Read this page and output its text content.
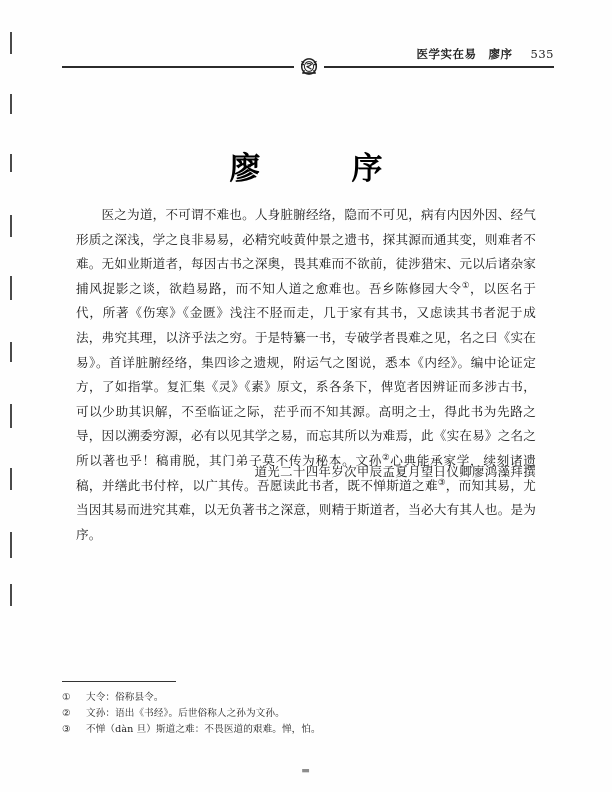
医学实在易 廖序 535
廖　序

医之为道，不可谓不难也。人身脏腑经络，隐而不可见，病有内因外因、经气形质之深浅，学之良非易易，必精究岐黄仲景之遗书，探其源而通其变，则难者不难。无如业斯道者，每因古书之深奥，畏其难而不欲前，徒涉猎宋、元以后诸杂家捕风捉影之谈，欲趋易路，而不知人道之愈难也。吾乡陈修园大令①，以医名于代，所著《伤寒》《金匮》浅注不胫而走，几于家有其书，又虑读其书者泥于成法，弗究其理，以济乎法之穷。于是特纂一书，专破学者畏难之见，名之曰《实在易》。首详脏腑经络，集四诊之遗规，附运气之图说，悉本《内经》。编中论证定方，了如指掌。复汇集《灵》《素》原文，系各条下，俾览者因辨证而多涉古书，可以少助其识解，不至临证之际，茫乎而不知其源。高明之士，得此书为先路之导，因以溯委穷源，必有以见其学之易，而忘其所以为难焉，此《实在易》之名之所以著也乎！稿甫脱，其门弟子莫不传为秘本。文孙②心典能承家学，续刻诸遗稿，并缮此书付梓，以广其传。吾愿读此书者，既不惮斯道之难③，而知其易，尤当因其易而进究其难，以无负著书之深意，则精于斯道者，当必大有其人也。是为序。

道光二十四年岁次甲辰孟夏月望日仪卿廖鸿藻拜撰
① 大令：俗称县令。
② 文孙：语出《书经》。后世俗称人之孙为文孙。
③ 不惮（dàn 旦）斯道之难：不畏医道的艰难。惮，怕。
▬
